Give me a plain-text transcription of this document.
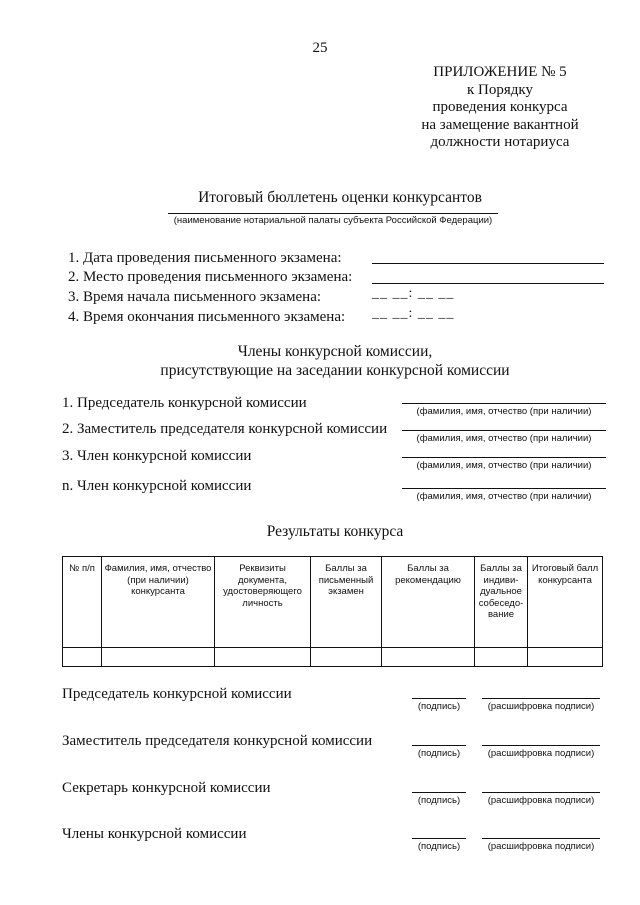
25
ПРИЛОЖЕНИЕ № 5
к Порядку
проведения конкурса
на замещение вакантной
должности нотариуса
Итоговый бюллетень оценки конкурсантов
(наименование нотариальной палаты субъекта Российской Федерации)
1. Дата проведения письменного экзамена:
2. Место проведения письменного экзамена:
3. Время начала письменного экзамена:	__ __: __ __
4. Время окончания письменного экзамена: __ __: __ __
Члены конкурсной комиссии,
присутствующие на заседании конкурсной комиссии
1. Председатель конкурсной комиссии
(фамилия, имя, отчество (при наличии)
2. Заместитель председателя конкурсной комиссии
(фамилия, имя, отчество (при наличии)
3. Член конкурсной комиссии
(фамилия, имя, отчество (при наличии)
n. Член конкурсной комиссии
(фамилия, имя, отчество (при наличии)
Результаты конкурса
№ п/п	Фамилия, имя, отчество (при наличии) конкурсанта	Реквизиты документа, удостоверяющего личность	Баллы за письменный экзамен	Баллы за рекомендацию	Баллы за индиви-дуальное собеседо-вание	Итоговый балл конкурсанта

Председатель конкурсной комиссии
(подпись)	(расшифровка подписи)
Заместитель председателя конкурсной комиссии
(подпись)	(расшифровка подписи)
Секретарь конкурсной комиссии
(подпись)	(расшифровка подписи)
Члены конкурсной комиссии
(подпись)	(расшифровка подписи)
